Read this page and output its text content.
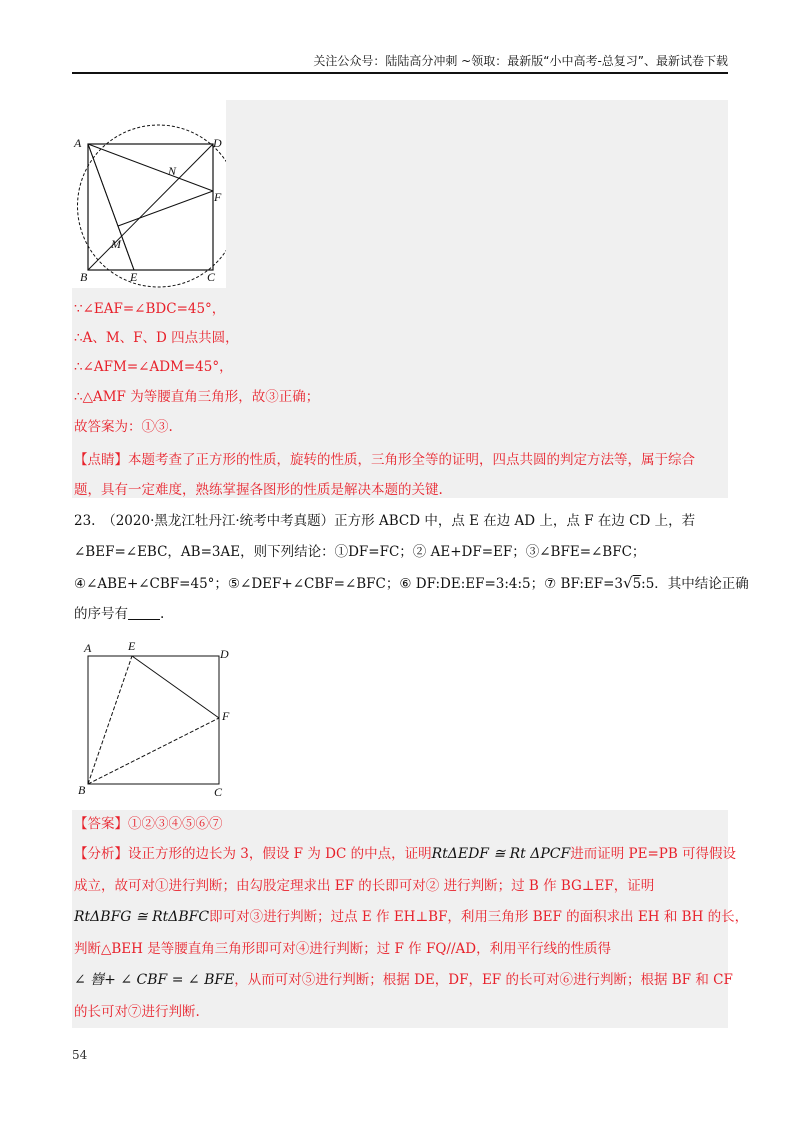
关注公众号：陆陆高分冲刺 ~领取：最新版“小中高考-总复习”、最新试卷下载
A	D
N
F
M
B	E	C
∵∠EAF=∠BDC=45°，
∴A、M、F、D 四点共圆，
∴∠AFM=∠ADM=45°，
∴△AMF 为等腰直角三角形，故③正确；
故答案为：①③.
【点睛】本题考查了正方形的性质，旋转的性质，三角形全等的证明，四点共圆的判定方法等，属于综合
题，具有一定难度，熟练掌握各图形的性质是解决本题的关键.
23.　（2020·黑龙江牡丹江·统考中考真题）正方形 ABCD 中，点 E 在边 AD 上，点 F 在边 CD 上，若
∠BEF=∠EBC，AB=3AE，则下列结论：①DF=FC；② AE+DF=EF；③∠BFE=∠BFC；
④∠ABE+∠CBF=45°；⑤∠DEF+∠CBF=∠BFC；⑥ DF:DE:EF=3:4:5；⑦ BF:EF=3√5:5．其中结论正确
的序号有 .
A	E
D
F
B	C
【答案】①②③④⑤⑥⑦
【分析】设正方形的边长为 3，假设 F 为 DC 的中点，证明RtΔEDF ≅ Rt ΔPCF进而证明 PE=PB 可得假设
成立，故可对①进行判断；由勾股定理求出 EF 的长即可对② 进行判断；过 B 作 BG⊥EF，证明
RtΔBFG ≅ RtΔBFC即可对③进行判断；过点 E 作 EH⊥BF，利用三角形 BEF 的面积求出 EH 和 BH 的长，
判断△BEH 是等腰直角三角形即可对④进行判断；过 F 作 FQ//AD，利用平行线的性质得
∠ 嶜+ ∠ CBF = ∠ BFE，从而可对⑤进行判断；根据 DE，DF，EF 的长可对⑥进行判断；根据 BF 和 CF
的长可对⑦进行判断.
54
